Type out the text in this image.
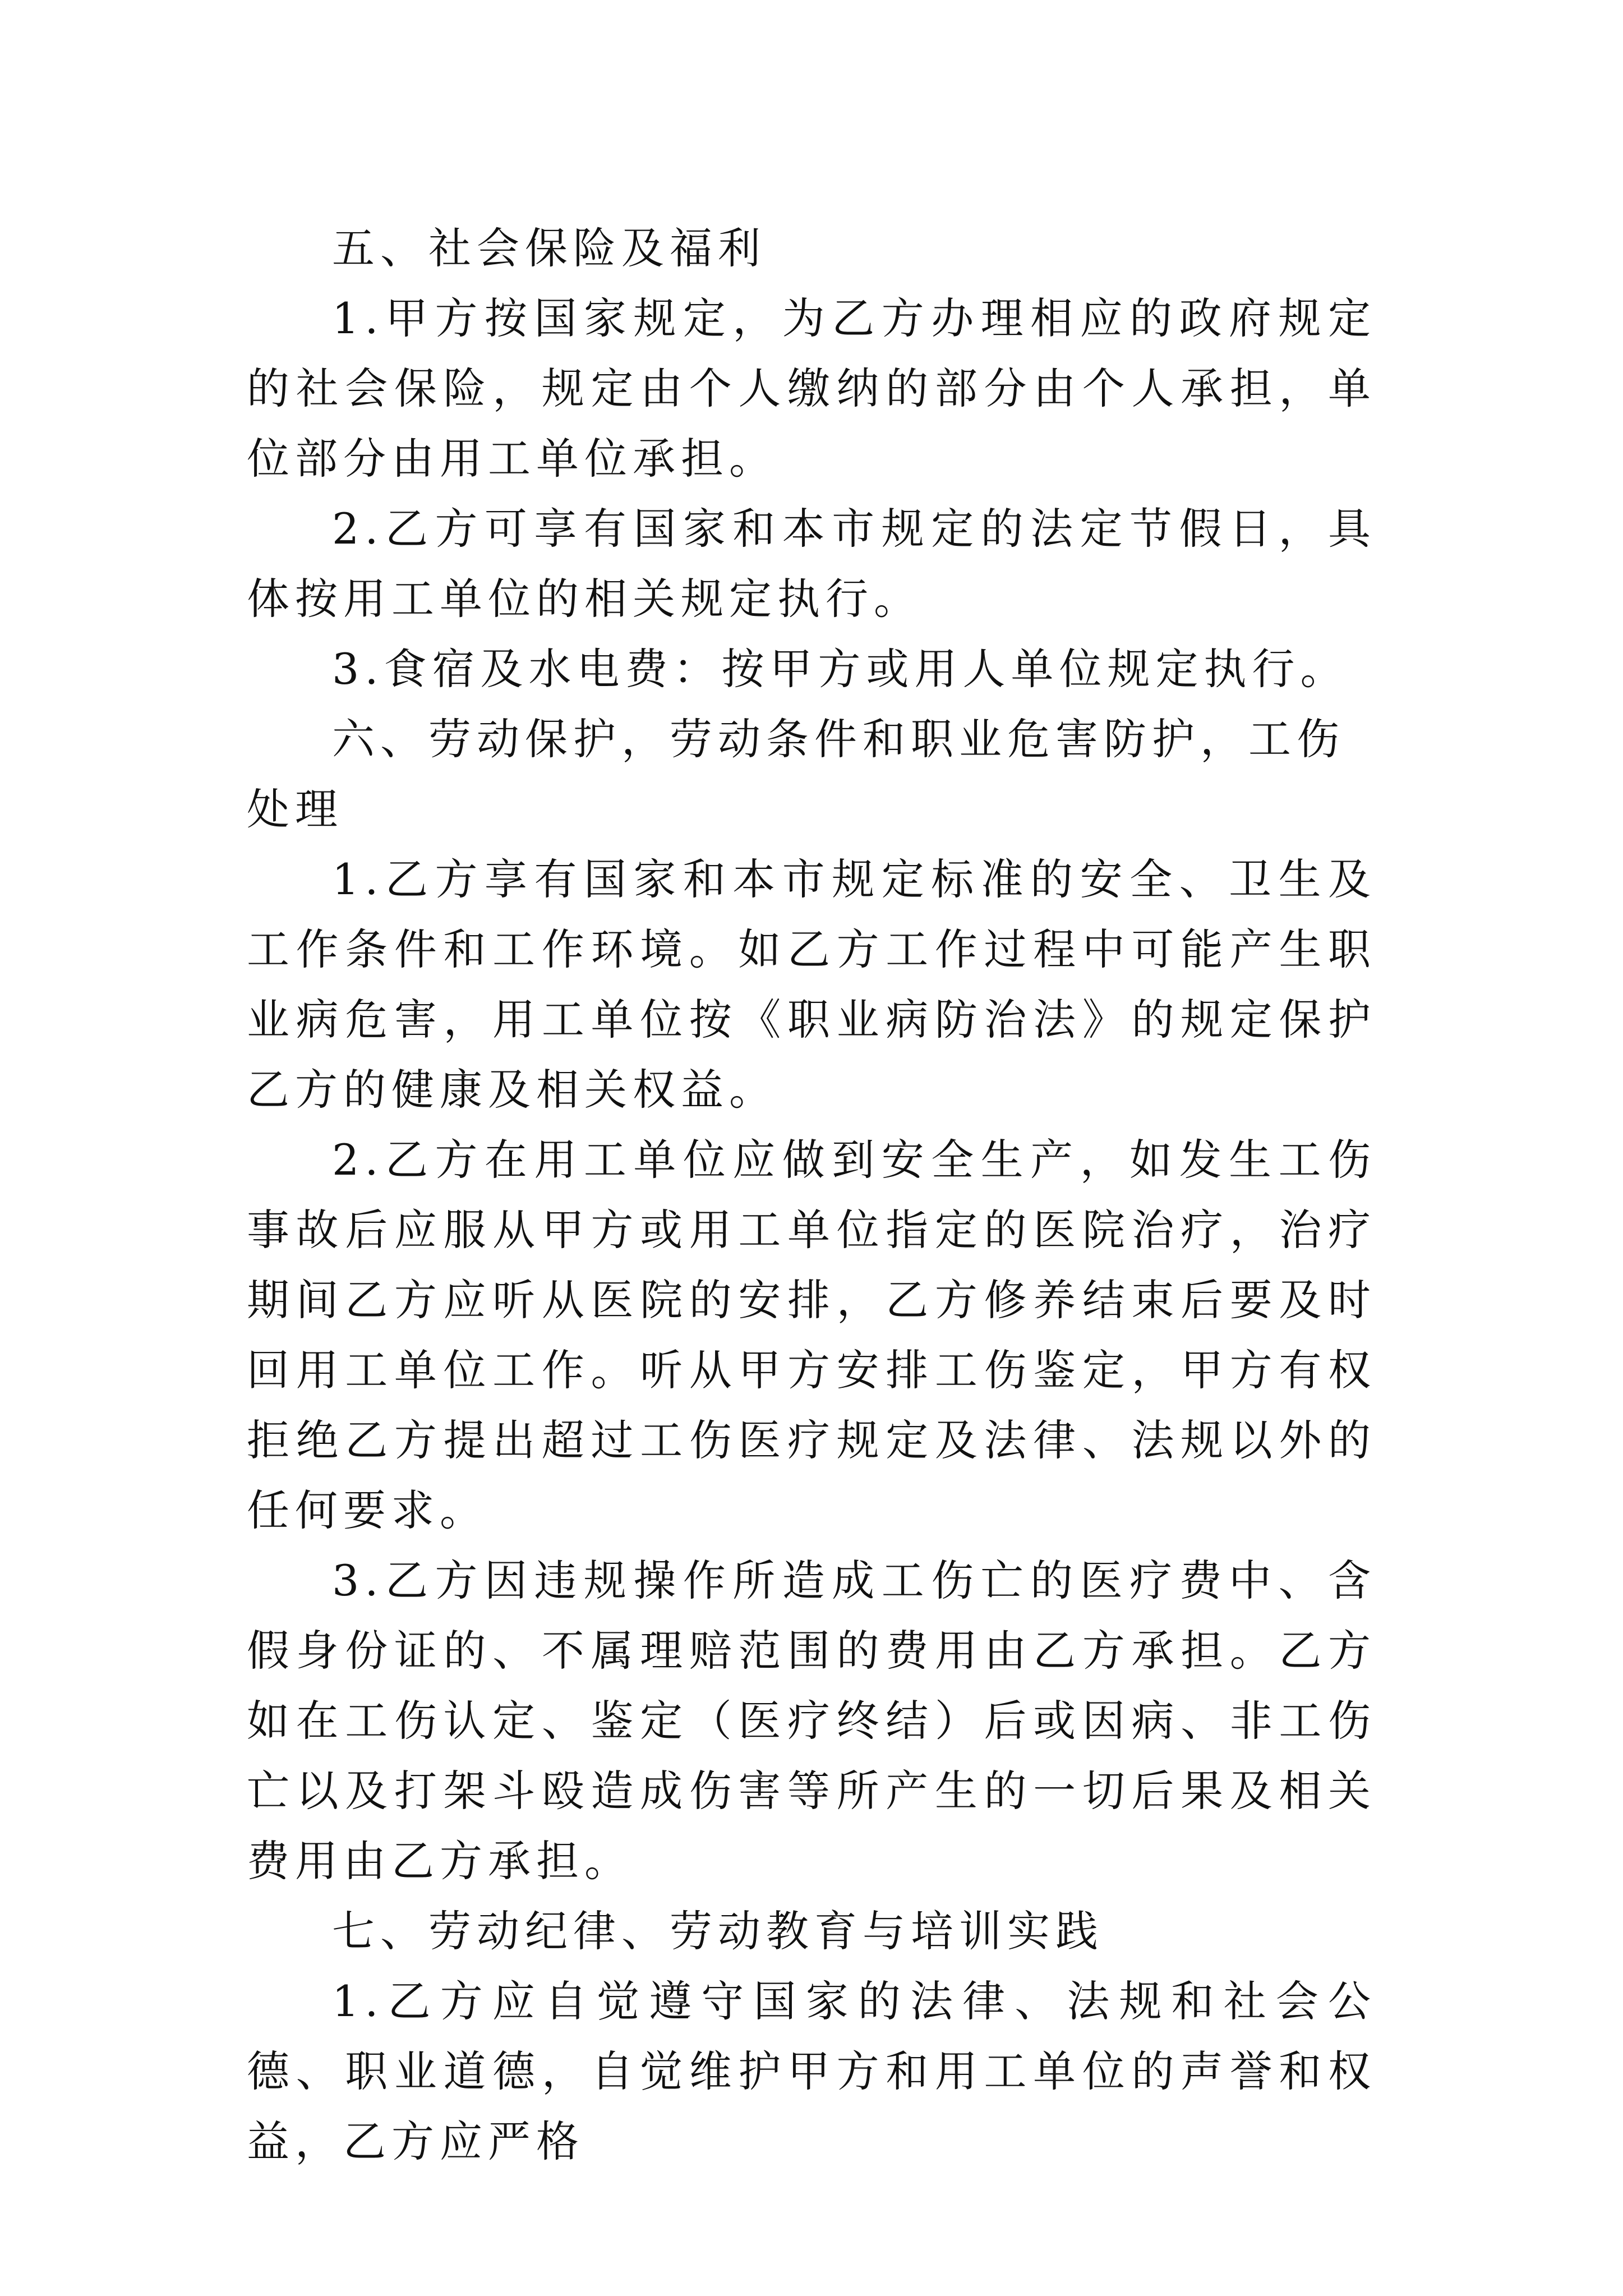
五、社会保险及福利

1.甲方按国家规定，为乙方办理相应的政府规定的社会保险，规定由个人缴纳的部分由个人承担，单位部分由用工单位承担。

2.乙方可享有国家和本市规定的法定节假日，具体按用工单位的相关规定执行。

3.食宿及水电费：按甲方或用人单位规定执行。

六、劳动保护，劳动条件和职业危害防护，工伤处理

1.乙方享有国家和本市规定标准的安全、卫生及工作条件和工作环境。如乙方工作过程中可能产生职业病危害，用工单位按《职业病防治法》的规定保护乙方的健康及相关权益。

2.乙方在用工单位应做到安全生产，如发生工伤事故后应服从甲方或用工单位指定的医院治疗，治疗期间乙方应听从医院的安排，乙方修养结束后要及时回用工单位工作。听从甲方安排工伤鉴定，甲方有权拒绝乙方提出超过工伤医疗规定及法律、法规以外的任何要求。

3.乙方因违规操作所造成工伤亡的医疗费中、含假身份证的、不属理赔范围的费用由乙方承担。乙方如在工伤认定、鉴定（医疗终结）后或因病、非工伤亡以及打架斗殴造成伤害等所产生的一切后果及相关费用由乙方承担。

七、劳动纪律、劳动教育与培训实践

1.乙方应自觉遵守国家的法律、法规和社会公德、职业道德，自觉维护甲方和用工单位的声誉和权益，乙方应严格
